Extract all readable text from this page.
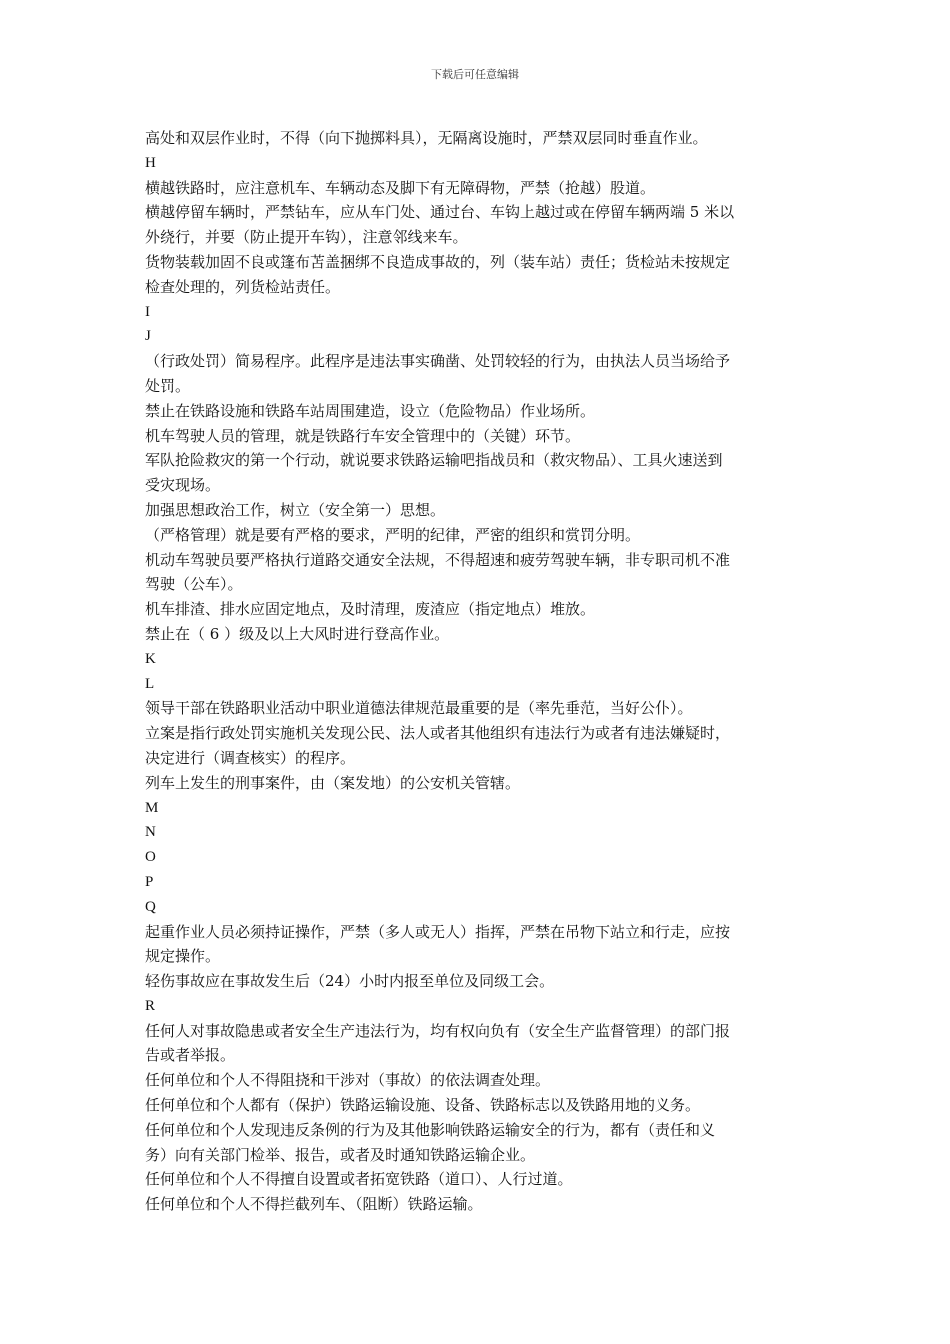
下载后可任意编辑
高处和双层作业时，不得（向下抛掷料具），无隔离设施时，严禁双层同时垂直作业。
H
横越铁路时，应注意机车、车辆动态及脚下有无障碍物，严禁（抢越）股道。
横越停留车辆时，严禁钻车，应从车门处、通过台、车钩上越过或在停留车辆两端 5 米以
外绕行，并要（防止提开车钩），注意邻线来车。
货物装载加固不良或篷布苫盖捆绑不良造成事故的，列（装车站）责任；货检站未按规定
检查处理的，列货检站责任。
I
J
（行政处罚）简易程序。此程序是违法事实确凿、处罚较轻的行为，由执法人员当场给予
处罚。
禁止在铁路设施和铁路车站周围建造，设立（危险物品）作业场所。
机车驾驶人员的管理，就是铁路行车安全管理中的（关键）环节。
军队抢险救灾的第一个行动，就说要求铁路运输吧指战员和（救灾物品）、工具火速送到
受灾现场。
加强思想政治工作，树立（安全第一）思想。
（严格管理）就是要有严格的要求，严明的纪律，严密的组织和赏罚分明。
机动车驾驶员要严格执行道路交通安全法规，不得超速和疲劳驾驶车辆，非专职司机不准
驾驶（公车）。
机车排渣、排水应固定地点，及时清理，废渣应（指定地点）堆放。
禁止在（ 6 ）级及以上大风时进行登高作业。
K
L
领导干部在铁路职业活动中职业道德法律规范最重要的是（率先垂范，当好公仆）。
立案是指行政处罚实施机关发现公民、法人或者其他组织有违法行为或者有违法嫌疑时，
决定进行（调查核实）的程序。
列车上发生的刑事案件，由（案发地）的公安机关管辖。
M
N
O
P
Q
起重作业人员必须持证操作，严禁（多人或无人）指挥，严禁在吊物下站立和行走，应按
规定操作。
轻伤事故应在事故发生后（24）小时内报至单位及同级工会。
R
任何人对事故隐患或者安全生产违法行为，均有权向负有（安全生产监督管理）的部门报
告或者举报。
任何单位和个人不得阻挠和干涉对（事故）的依法调查处理。
任何单位和个人都有（保护）铁路运输设施、设备、铁路标志以及铁路用地的义务。
任何单位和个人发现违反条例的行为及其他影响铁路运输安全的行为，都有（责任和义
务）向有关部门检举、报告，或者及时通知铁路运输企业。
任何单位和个人不得擅自设置或者拓宽铁路（道口）、人行过道。
任何单位和个人不得拦截列车、（阻断）铁路运输。
